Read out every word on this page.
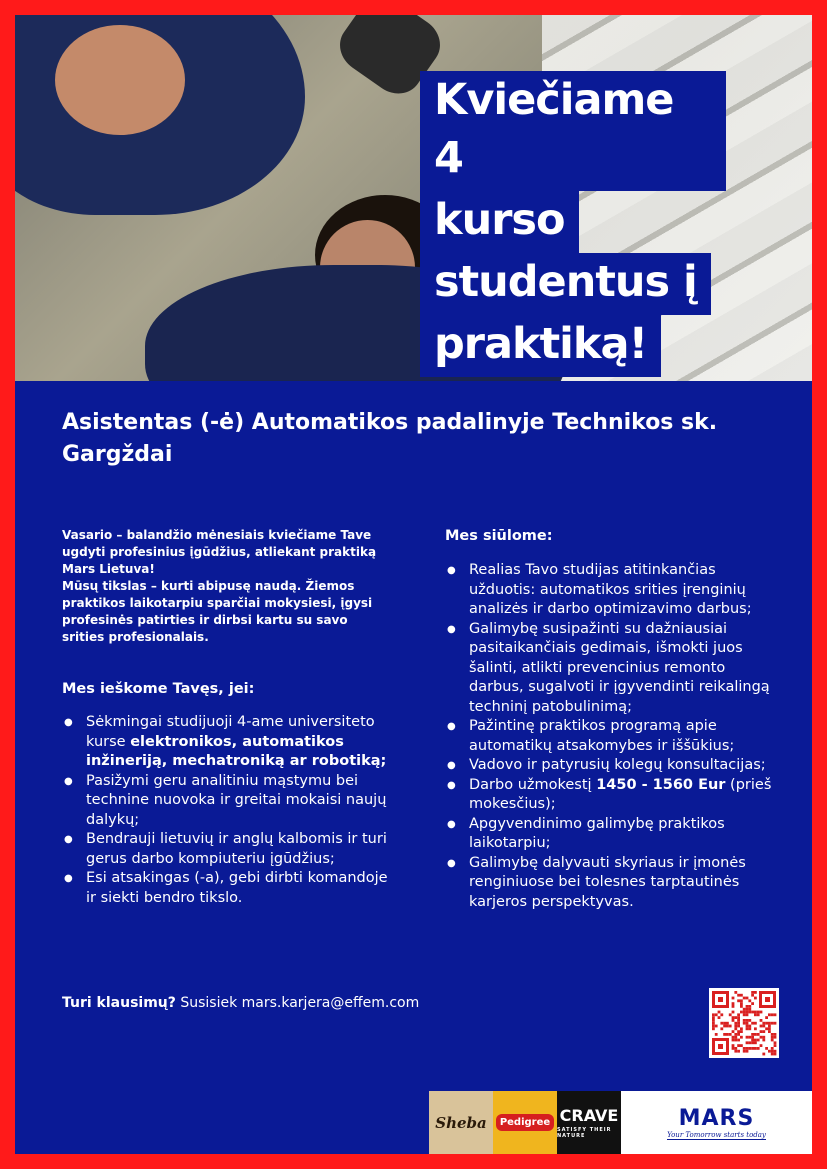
Kviečiame 4
kurso
studentus į
praktiką!
Asistentas (-ė) Automatikos padalinyje Technikos sk. Gargždai

Vasario – balandžio mėnesiais kviečiame Tave ugdyti profesinius įgūdžius, atliekant praktiką Mars Lietuva!

Mūsų tikslas – kurti abipusę naudą. Žiemos praktikos laikotarpiu sparčiai mokysiesi, įgysi profesinės patirties ir dirbsi kartu su savo srities profesionalais.

Mes ieškome Tavęs, jei:
● Sėkmingai studijuoji 4-ame universiteto kurse elektronikos, automatikos inžineriją, mechatroniką ar robotiką;
● Pasižymi geru analitiniu mąstymu bei technine nuovoka ir greitai mokaisi naujų dalykų;
● Bendrauji lietuvių ir anglų kalbomis ir turi gerus darbo kompiuteriu įgūdžius;
● Esi atsakingas (-a), gebi dirbti komandoje ir siekti bendro tikslo.
Mes siūlome:
● Realias Tavo studijas atitinkančias užduotis: automatikos srities įrenginių analizės ir darbo optimizavimo darbus;
● Galimybę susipažinti su dažniausiai pasitaikančiais gedimais, išmokti juos šalinti, atlikti prevencinius remonto darbus, sugalvoti ir įgyvendinti reikalingą techninį patobulinimą;
● Pažintinę praktikos programą apie automatikų atsakomybes ir iššūkius;
● Vadovo ir patyrusių kolegų konsultacijas;
● Darbo užmokestį 1450 - 1560 Eur (prieš mokesčius);
● Apgyvendinimo galimybę praktikos laikotarpiu;
● Galimybę dalyvauti skyriaus ir įmonės renginiuose bei tolesnes tarptautinės karjeros perspektyvas.
Turi klausimų? Susisiek mars.karjera@effem.com
Sheba	Pedigree CRAVE
SATISFY THEIR NATURE
MARS
Your Tomorrow starts today
